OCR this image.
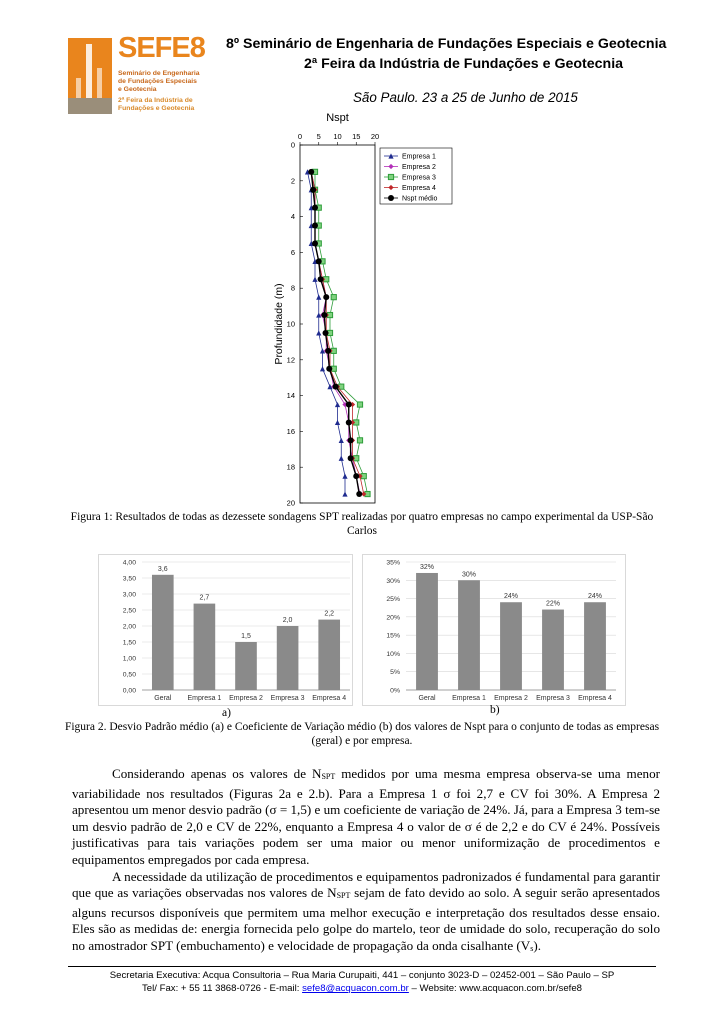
SEFE8
Seminário de Engenharia
de Fundações Especiais
e Geotecnia
2ª Feira da Indústria de
Fundações e Geotecnia
8º Seminário de Engenharia de Fundações Especiais e Geotecnia
2ª Feira da Indústria de Fundações e Geotecnia
São Paulo. 23 a 25 de Junho de 2015
Nspt
0 5 10 15 20
0
2
4
6
8
10
12
14
16
18
20
Profundidade (m)
Empresa 1
Empresa 2
Empresa 3
Empresa 4
Nspt médio
Figura 1: Resultados de todas as dezessete sondagens SPT realizadas por quatro empresas no campo experimental da USP-São Carlos
0,00
0,50
1,00
1,50
2,00
2,50
3,00
3,50
4,00
3,6
Geral
2,7
Empresa 1
1,5
Empresa 2
2,0
Empresa 3
2,2
Empresa 4
0%
5%
10%
15%
20%
25%
30%
35%
32%
Geral
30%
Empresa 1
24%
Empresa 2
22%
Empresa 3
24%
Empresa 4
a)	b)
Figura 2. Desvio Padrão médio (a) e Coeficiente de Variação médio (b) dos valores de Nspt para o conjunto de todas as empresas (geral) e por empresa.

Considerando apenas os valores de $N_{SPT}$ medidos por uma mesma empresa observa-se uma menor variabilidade nos resultados (Figuras 2a e 2.b). Para a Empresa 1 σ foi 2,7 e CV foi 30%. A Empresa 2 apresentou um menor desvio padrão (σ = 1,5) e um coeficiente de variação de 24%. Já, para a Empresa 3 tem-se um desvio padrão de 2,0 e CV de 22%, enquanto a Empresa 4 o valor de σ é de 2,2 e do CV é 24%. Possíveis justificativas para tais variações podem ser uma maior ou menor uniformização de procedimentos e equipamentos empregados por cada empresa.

A necessidade da utilização de procedimentos e equipamentos padronizados é fundamental para garantir que que as variações observadas nos valores de $N_{SPT}$ sejam de fato devido ao solo. A seguir serão apresentados alguns recursos disponíveis que permitem uma melhor execução e interpretação dos resultados desse ensaio. Eles são as medidas de: energia fornecida pelo golpe do martelo, teor de umidade do solo, recuperação do solo no amostrador SPT (embuchamento) e velocidade de propagação da onda cisalhante $(V_s)$.

Secretaria Executiva: Acqua Consultoria – Rua Maria Curupaiti, 441 – conjunto 3023-D – 02452-001 – São Paulo – SP
Tel/ Fax: + 55 11 3868-0726 - E-mail: sefe8@acquacon.com.br – Website: www.acquacon.com.br/sefe8
